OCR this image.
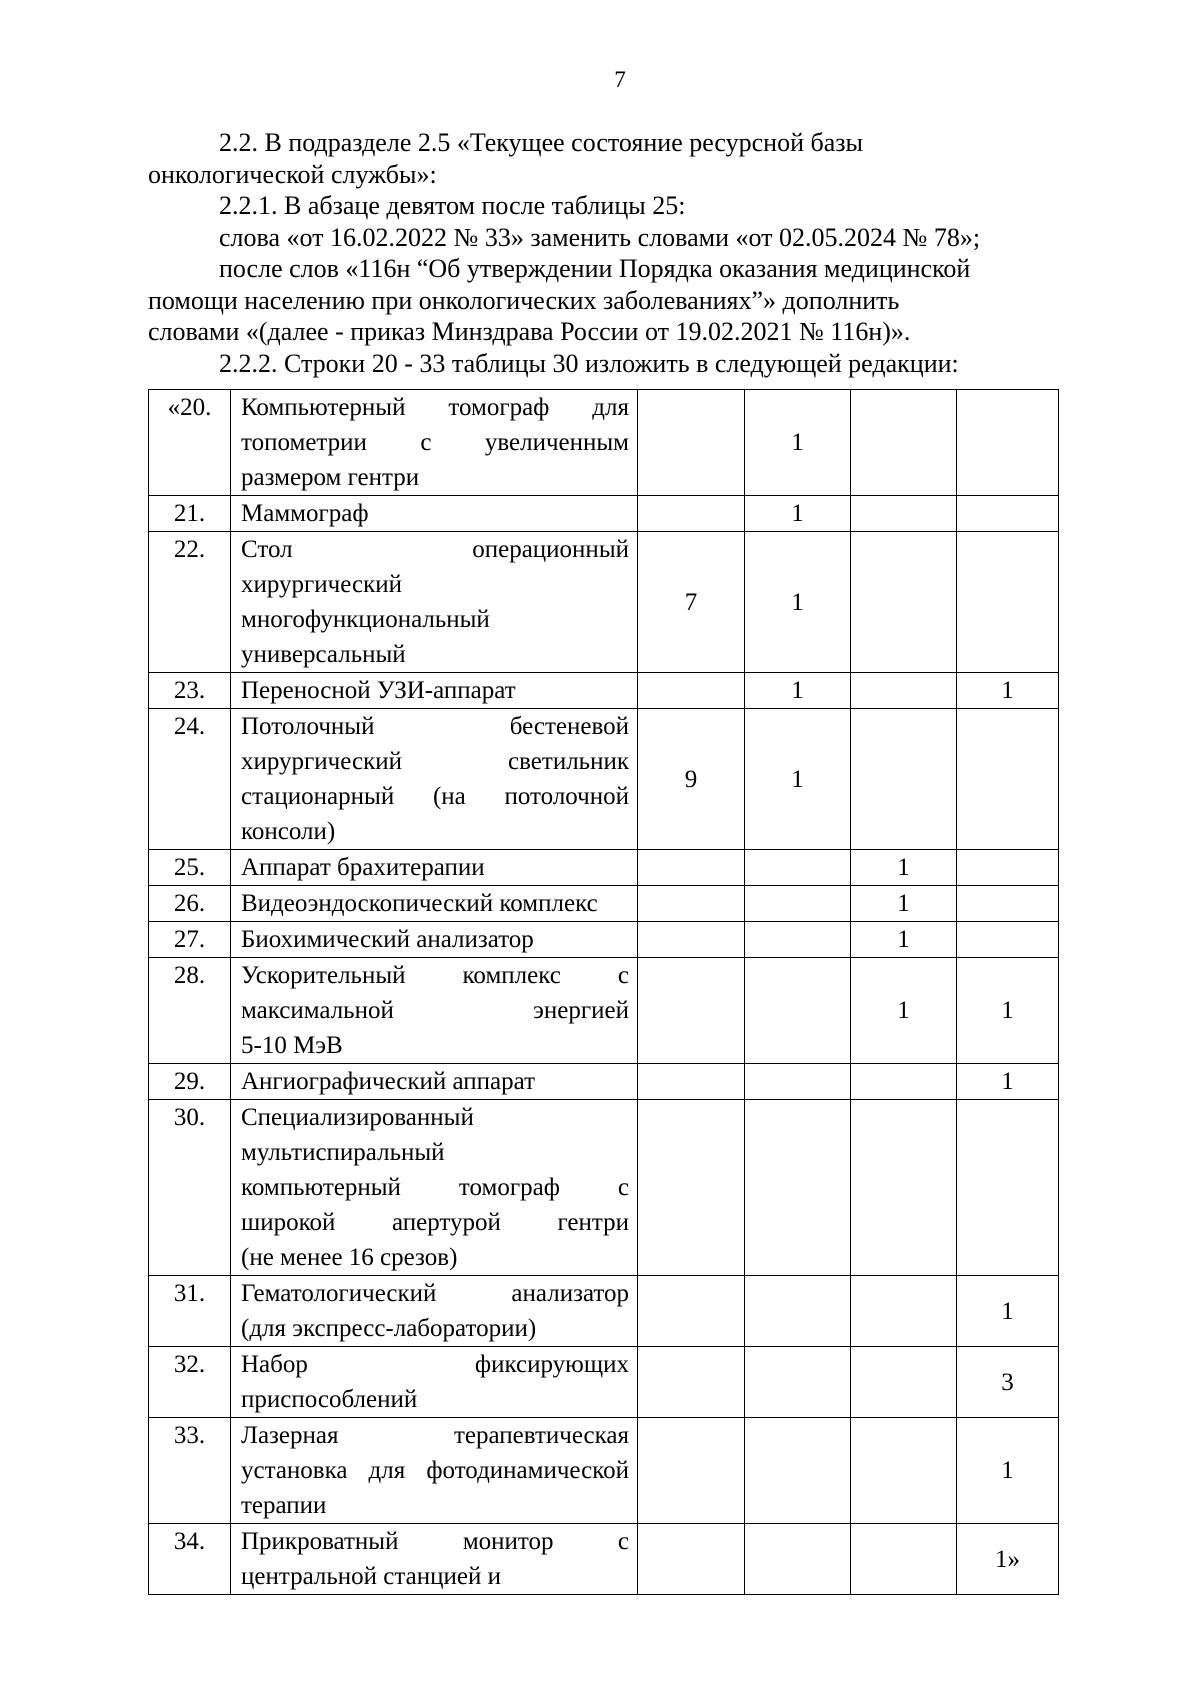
7

2.2. В подразделе 2.5 «Текущее состояние ресурсной базы

онкологической службы»:

2.2.1. В абзаце девятом после таблицы 25:

слова «от 16.02.2022 № 33» заменить словами «от 02.05.2024 № 78»;

после слов «116н “Об утверждении Порядка оказания медицинской

помощи населению при онкологических заболеваниях”» дополнить

словами «(далее - приказ Минздрава России от 19.02.2021 № 116н)».

2.2.2. Строки 20 - 33 таблицы 30 изложить в следующей редакции:

«20.	Компьютерный томограф для
топометрии с увеличенным
размером гентри		1		
21.	Маммограф		1		
22.	Стол операционный
хирургический
многофункциональный
универсальный	7	1		
23.	Переносной УЗИ-аппарат		1		1
24.	Потолочный бестеневой
хирургический светильник
стационарный (на потолочной
консоли)	9	1		
25.	Аппарат брахитерапии			1	
26.	Видеоэндоскопический комплекс			1	
27.	Биохимический анализатор			1	
28.	Ускорительный комплекс с
максимальной энергией
5-10 МэВ			1	1
29.	Ангиографический аппарат				1
30.	Специализированный
мультиспиральный
компьютерный томограф с
широкой апертурой гентри
(не менее 16 срезов)				

31.	Гематологический анализатор
(для экспресс-лаборатории)				1
32.	Набор фиксирующих
приспособлений				3
33.	Лазерная терапевтическая
установка для фотодинамической
терапии				1
34.	Прикроватный монитор с
центральной станцией и				1»
